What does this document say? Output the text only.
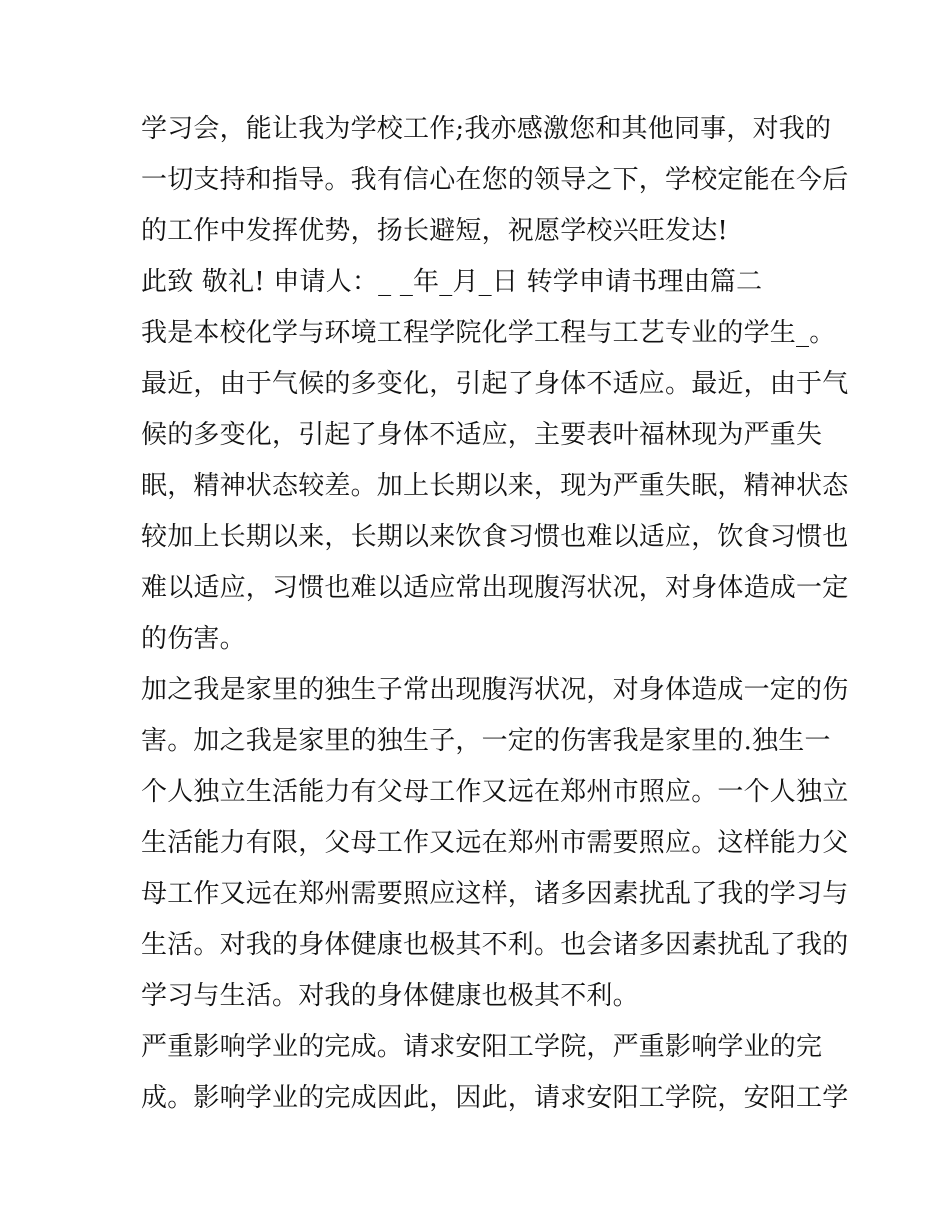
学习会，能让我为学校工作;我亦感激您和其他同事，对我的
一切支持和指导。我有信心在您的领导之下，学校定能在今后
的工作中发挥优势，扬长避短，祝愿学校兴旺发达!
此致 敬礼! 申请人：_ _年_月_日 转学申请书理由篇二
我是本校化学与环境工程学院化学工程与工艺专业的学生_。
最近，由于气候的多变化，引起了身体不适应。最近，由于气
候的多变化，引起了身体不适应，主要表叶福林现为严重失
眠，精神状态较差。加上长期以来，现为严重失眠，精神状态
较加上长期以来，长期以来饮食习惯也难以适应，饮食习惯也
难以适应，习惯也难以适应常出现腹泻状况，对身体造成一定
的伤害。
加之我是家里的独生子常出现腹泻状况，对身体造成一定的伤
害。加之我是家里的独生子，一定的伤害我是家里的.独生一
个人独立生活能力有父母工作又远在郑州市照应。一个人独立
生活能力有限，父母工作又远在郑州市需要照应。这样能力父
母工作又远在郑州需要照应这样，诸多因素扰乱了我的学习与
生活。对我的身体健康也极其不利。也会诸多因素扰乱了我的
学习与生活。对我的身体健康也极其不利。
严重影响学业的完成。请求安阳工学院，严重影响学业的完
成。影响学业的完成因此，因此，请求安阳工学院，安阳工学
